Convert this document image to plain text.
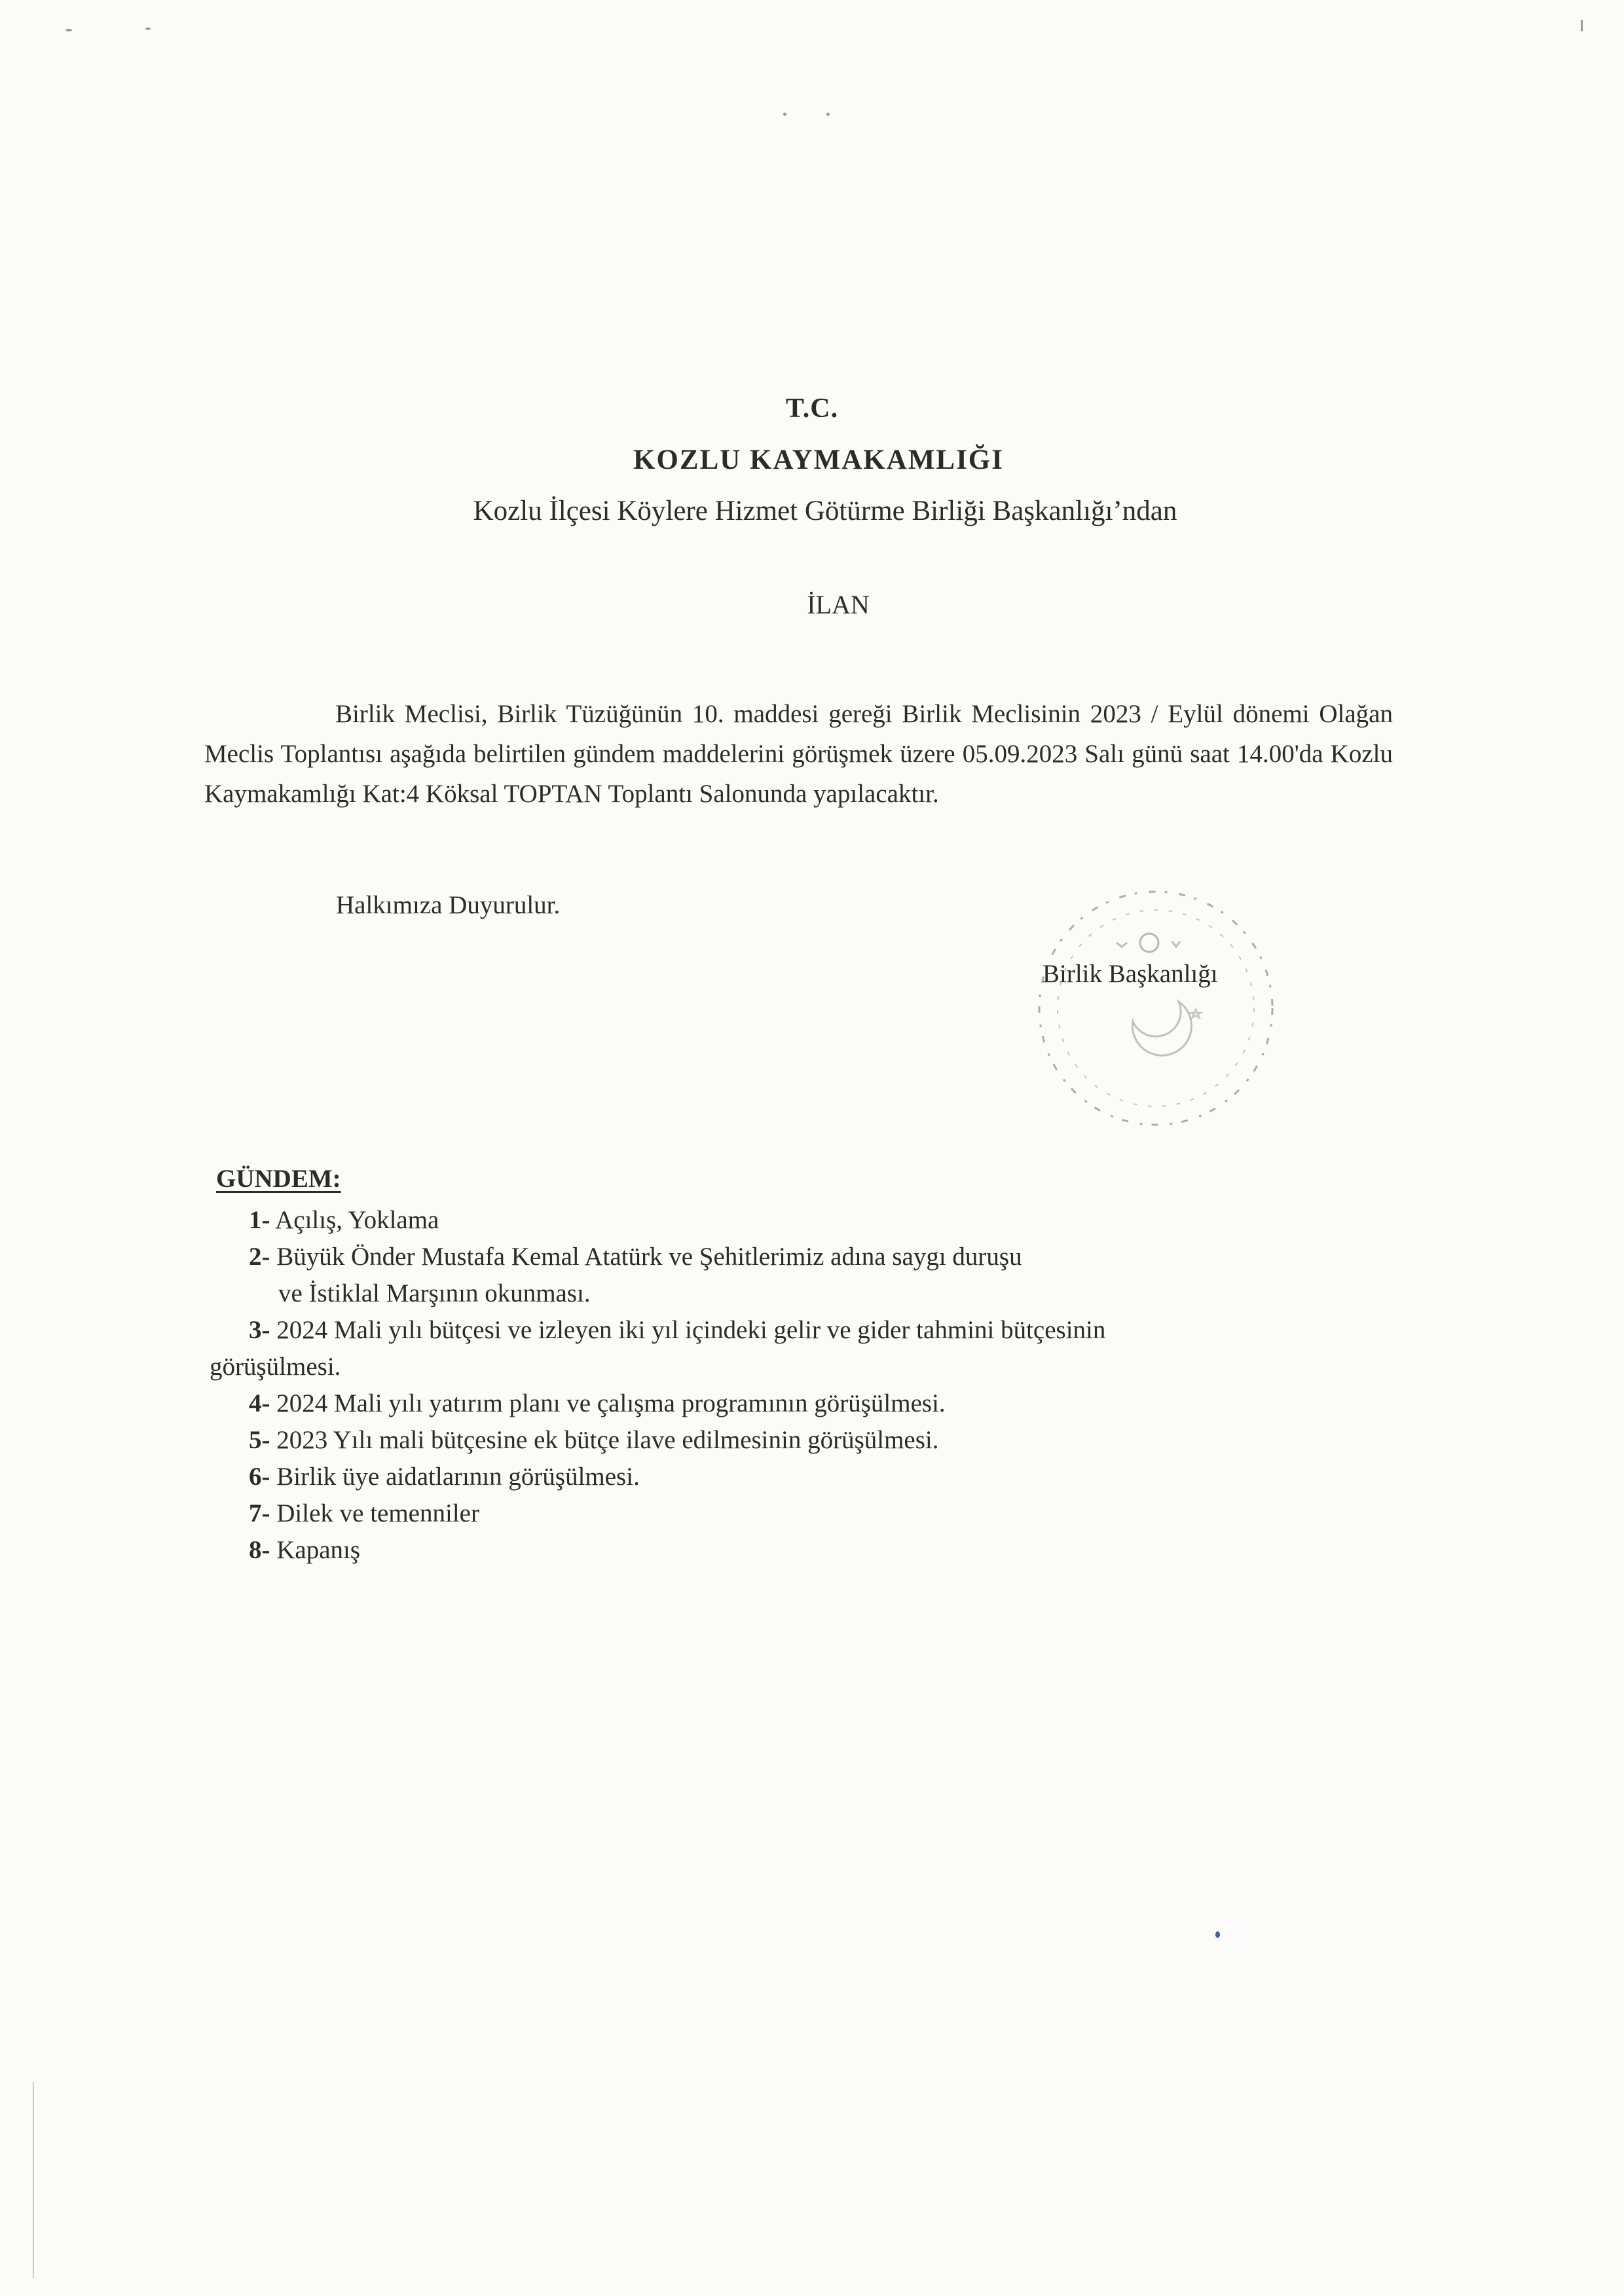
T.C.
KOZLU KAYMAKAMLIĞI
Kozlu İlçesi Köylere Hizmet Götürme Birliği Başkanlığı’ndan
İLAN

Birlik Meclisi, Birlik Tüzüğünün 10. maddesi gereği Birlik Meclisinin 2023 / Eylül dönemi Olağan Meclis Toplantısı aşağıda belirtilen gündem maddelerini görüşmek üzere 05.09.2023 Salı günü saat 14.00'da Kozlu Kaymakamlığı Kat:4 Köksal TOPTAN Toplantı Salonunda yapılacaktır.

Halkımıza Duyurulur.

Birlik Başkanlığı

GÜNDEM:

1- Açılış, Yoklama
2- Büyük Önder Mustafa Kemal Atatürk ve Şehitlerimiz adına saygı duruşu
ve İstiklal Marşının okunması.
3- 2024 Mali yılı bütçesi ve izleyen iki yıl içindeki gelir ve gider tahmini bütçesinin
görüşülmesi.
4- 2024 Mali yılı yatırım planı ve çalışma programının görüşülmesi.
5- 2023 Yılı mali bütçesine ek bütçe ilave edilmesinin görüşülmesi.
6- Birlik üye aidatlarının görüşülmesi.
7- Dilek ve temenniler
8- Kapanış
